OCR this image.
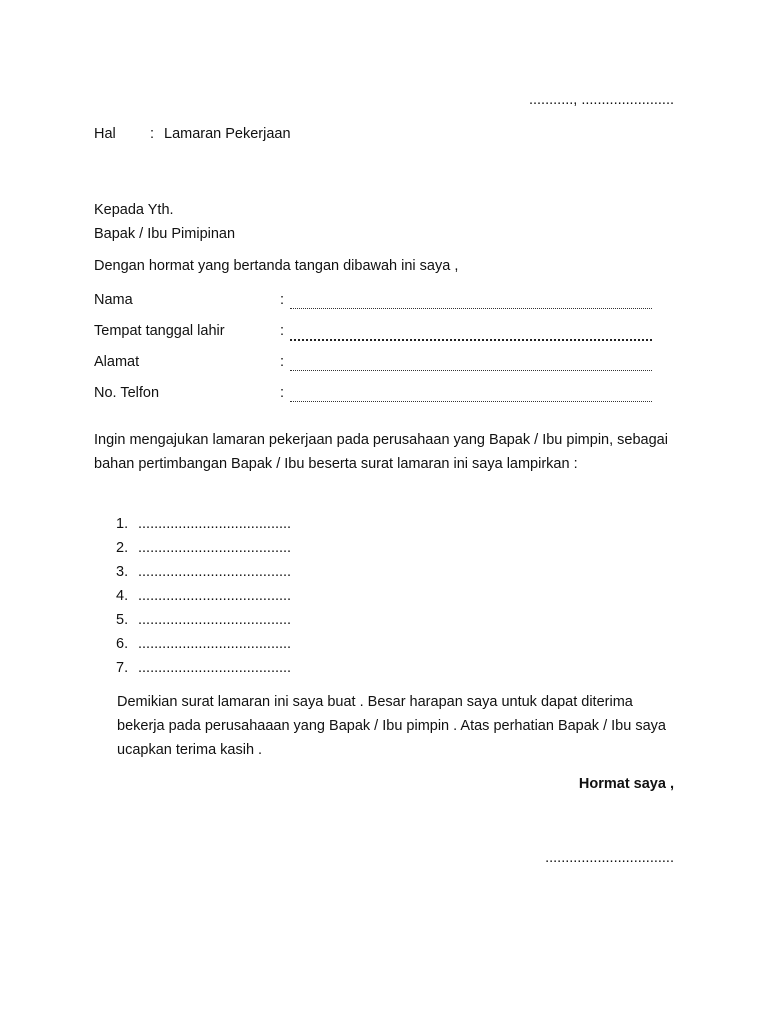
..........., .......................
Hal : Lamaran Pekerjaan
Kepada Yth.
Bapak / Ibu Pimipinan
Dengan hormat yang bertanda tangan dibawah ini saya ,
Nama	:
Tempat tanggal lahir	:
Alamat	:
No. Telfon	:
Ingin mengajukan lamaran pekerjaan pada perusahaan yang Bapak / Ibu pimpin, sebagai bahan pertimbangan Bapak / Ibu beserta surat lamaran ini saya lampirkan :
1. ......................................
2. ......................................
3. ......................................
4. ......................................
5. ......................................
6. ......................................
7. ......................................
Demikian surat lamaran ini saya buat . Besar harapan saya untuk dapat diterima bekerja pada perusahaaan yang Bapak / Ibu pimpin . Atas perhatian Bapak / Ibu saya ucapkan terima kasih .
Hormat saya ,
................................
